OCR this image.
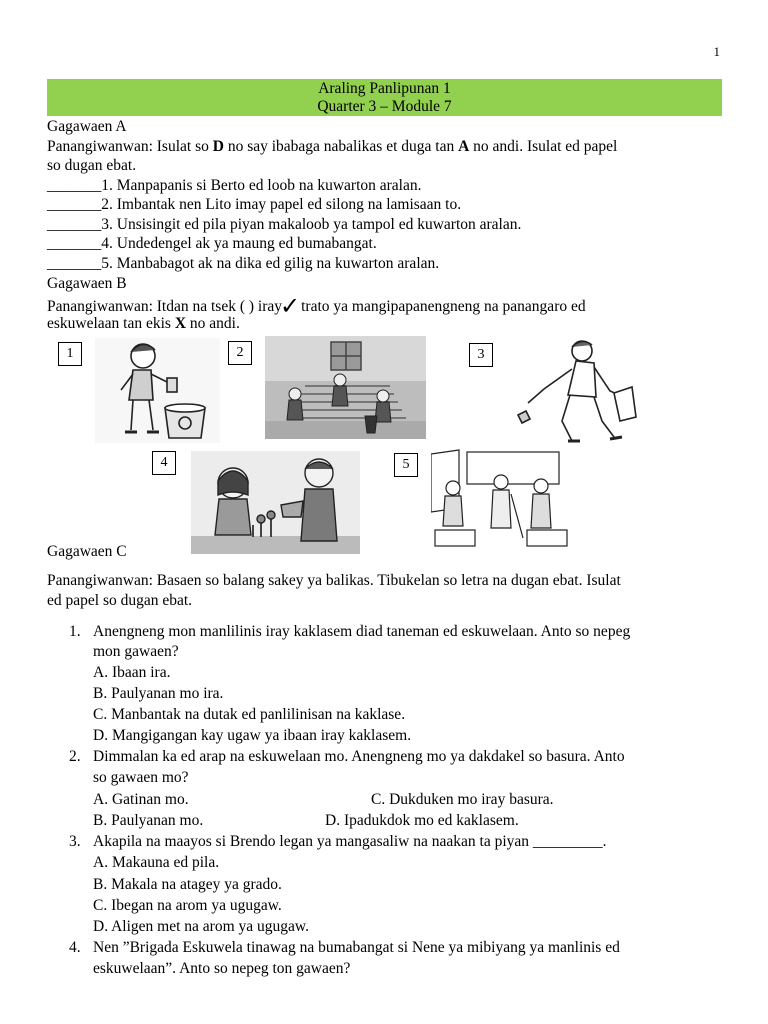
1
Araling Panlipunan 1
Quarter 3 – Module 7
Gagawaen A
Panangiwanwan: Isulat so D no say ibabaga nabalikas et duga tan A no andi. Isulat ed papel
so dugan ebat.
_______1. Manpapanis si Berto ed loob na kuwarton aralan.
_______2. Imbantak nen Lito imay papel ed silong na lamisaan to.
_______3. Unsisingit ed pila piyan makaloob ya tampol ed kuwarton aralan.
_______4. Undedengel ak ya maung ed bumabangat.
_______5. Manbabagot ak na dika ed gilig na kuwarton aralan.
Gagawaen B
Panangiwanwan: Itdan na tsek ( ) iray✓trato ya mangipapanengneng na panangaro ed
eskuwelaan tan ekis X no andi.
1	2	3
4	5
Gagawaen C
Panangiwanwan: Basaen so balang sakey ya balikas. Tibukelan so letra na dugan ebat. Isulat
ed papel so dugan ebat.
1. Anengneng mon manlilinis iray kaklasem diad taneman ed eskuwelaan. Anto so nepeg
mon gawaen?
A. Ibaan ira.
B. Paulyanan mo ira.
C. Manbantak na dutak ed panlilinisan na kaklase.
D. Mangigangan kay ugaw ya ibaan iray kaklasem.
2. Dimmalan ka ed arap na eskuwelaan mo. Anengneng mo ya dakdakel so basura. Anto
so gawaen mo?
A. Gatinan mo.	C. Dukduken mo iray basura.
B. Paulyanan mo.	D. Ipadukdok mo ed kaklasem.
3. Akapila na maayos si Brendo legan ya mangasaliw na naakan ta piyan _________.
A. Makauna ed pila.
B. Makala na atagey ya grado.
C. Ibegan na arom ya ugugaw.
D. Aligen met na arom ya ugugaw.
4. Nen ”Brigada Eskuwela tinawag na bumabangat si Nene ya mibiyang ya manlinis ed
eskuwelaan”. Anto so nepeg ton gawaen?
